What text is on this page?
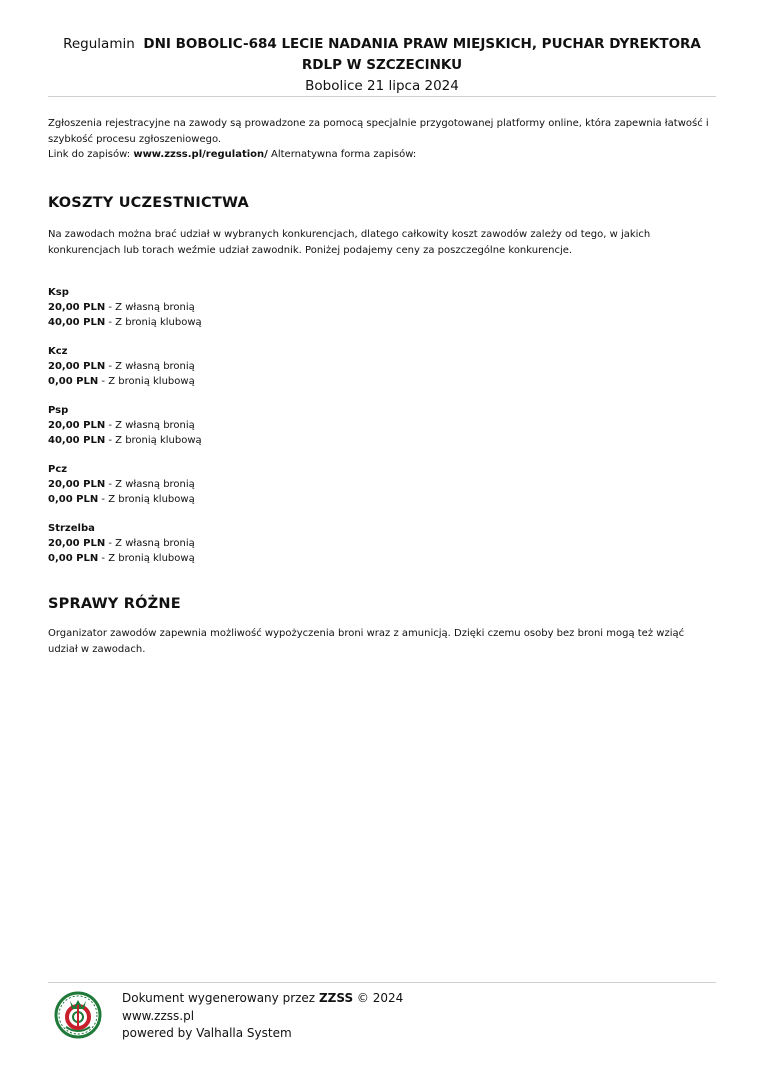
Regulamin DNI BOBOLIC-684 LECIE NADANIA PRAW MIEJSKICH, PUCHAR DYREKTORA RDLP W SZCZECINKU
Bobolice 21 lipca 2024
Zgłoszenia rejestracyjne na zawody są prowadzone za pomocą specjalnie przygotowanej platformy online, która zapewnia łatwość i szybkość procesu zgłoszeniowego.
Link do zapisów: www.zzss.pl/regulation/ Alternatywna forma zapisów:
KOSZTY UCZESTNICTWA
Na zawodach można brać udział w wybranych konkurencjach, dlatego całkowity koszt zawodów zależy od tego, w jakich konkurencjach lub torach weźmie udział zawodnik. Poniżej podajemy ceny za poszczególne konkurencje.
Ksp
20,00 PLN - Z własną bronią
40,00 PLN - Z bronią klubową
Kcz
20,00 PLN - Z własną bronią
0,00 PLN - Z bronią klubową
Psp
20,00 PLN - Z własną bronią
40,00 PLN - Z bronią klubową
Pcz
20,00 PLN - Z własną bronią
0,00 PLN - Z bronią klubową
Strzelba
20,00 PLN - Z własną bronią
0,00 PLN - Z bronią klubową
SPRAWY RÓŻNE
Organizator zawodów zapewnia możliwość wypożyczenia broni wraz z amunicją. Dzięki czemu osoby bez broni mogą też wziąć udział w zawodach.
Dokument wygenerowany przez ZZSS © 2024
www.zzss.pl
powered by Valhalla System
